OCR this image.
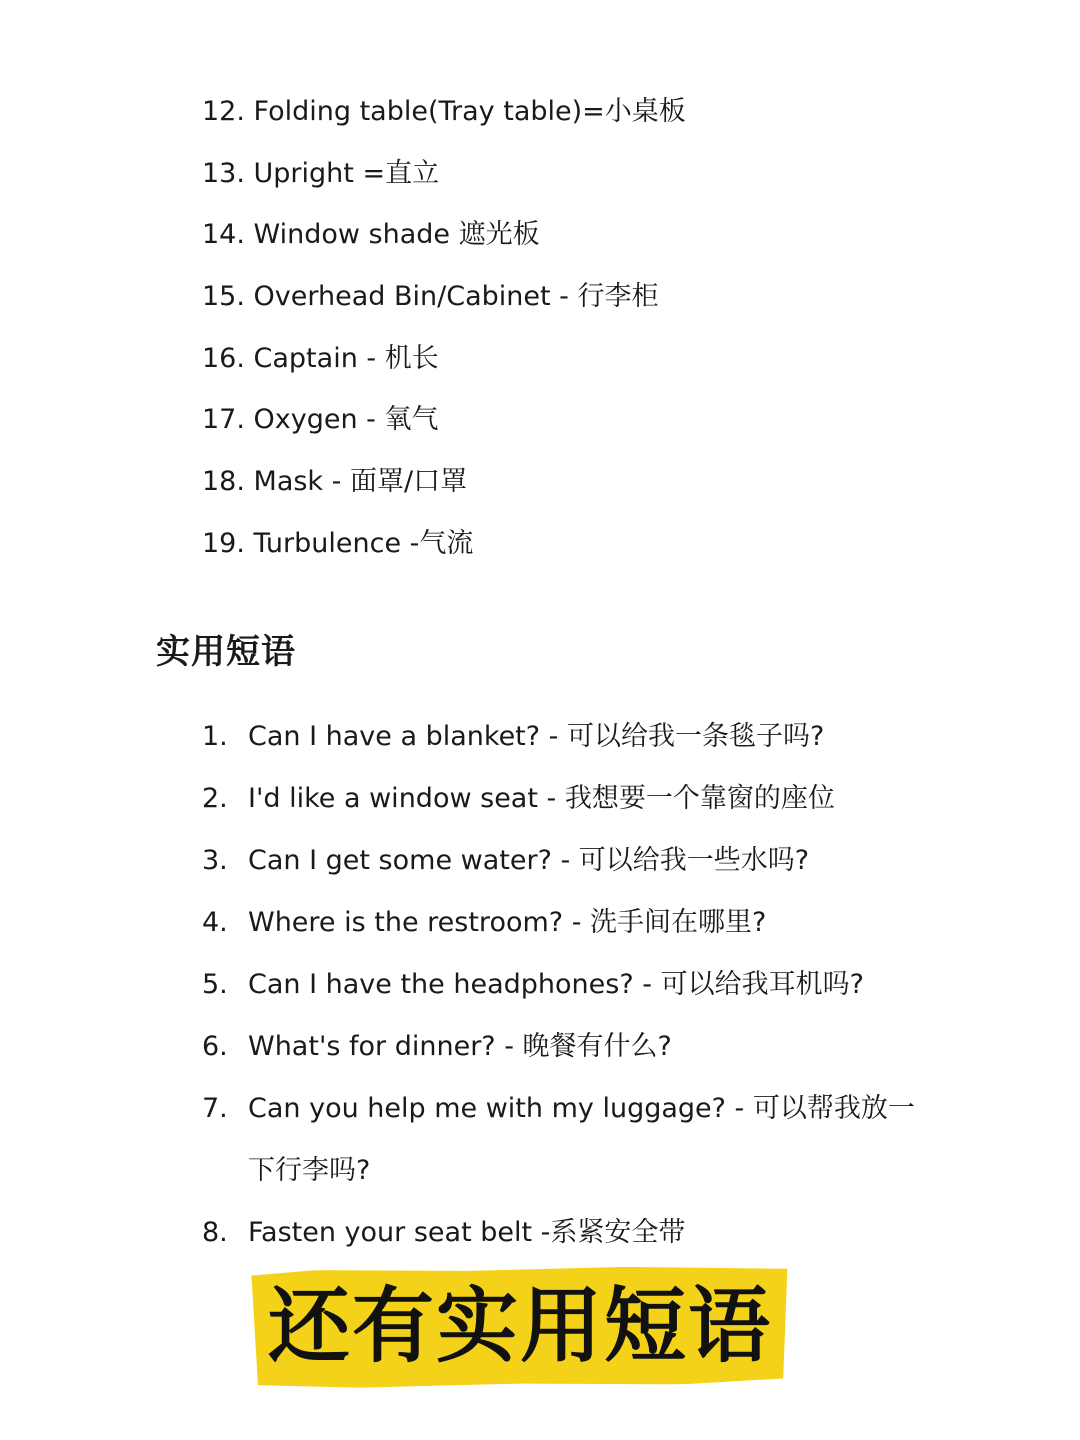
12. Folding table(Tray table)=小桌板
13. Upright =直立
14. Window shade 遮光板
15. Overhead Bin/Cabinet - 行李柜
16. Captain - 机长
17. Oxygen - 氧气
18. Mask - 面罩/口罩
19. Turbulence -气流
实用短语
1. Can I have a blanket? - 可以给我一条毯子吗?
2. I'd like a window seat - 我想要一个靠窗的座位
3. Can I get some water? - 可以给我一些水吗?
4. Where is the restroom? - 洗手间在哪里?
5. Can I have the headphones? - 可以给我耳机吗?
6. What's for dinner? - 晚餐有什么?
7. Can you help me with my luggage? - 可以帮我放一下行李吗?
8. Fasten your seat belt -系紧安全带
还有实用短语
